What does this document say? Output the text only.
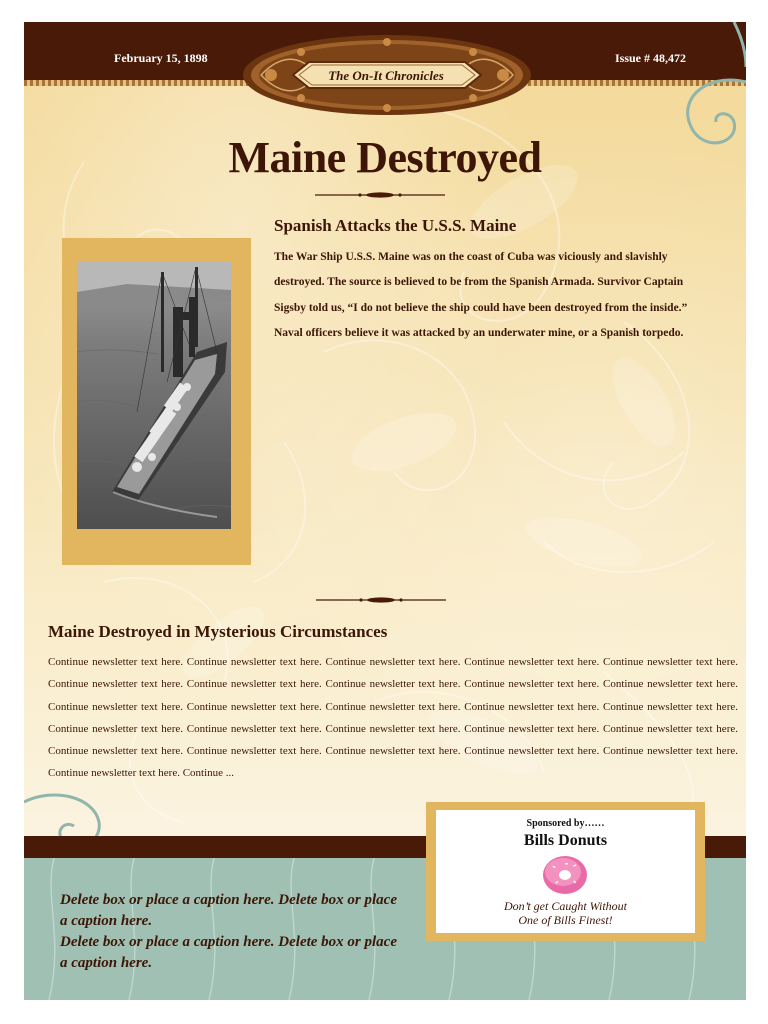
February 15, 1898	Issue # 48,472
The On-It Chronicles
Maine Destroyed
Spanish Attacks the U.S.S. Maine

The War Ship U.S.S. Maine was on the coast of Cuba was viciously and slavishly destroyed. The source is believed to be from the Spanish Armada. Survivor Captain Sigsby told us, “I do not believe the ship could have been destroyed from the inside.” Naval officers believe it was attacked by an underwater mine, or a Spanish torpedo.

Maine Destroyed in Mysterious Circumstances

Continue newsletter text here. Continue newsletter text here. Continue newsletter text here. Continue newsletter text here. Continue newsletter text here. Continue newsletter text here. Continue newsletter text here. Continue newsletter text here. Continue newsletter text here. Continue newsletter text here. Continue newsletter text here. Continue newsletter text here. Continue newsletter text here. Continue newsletter text here. Continue newsletter text here. Continue newsletter text here. Continue newsletter text here. Continue newsletter text here. Continue newsletter text here. Continue newsletter text here. Continue newsletter text here. Continue newsletter text here. Continue newsletter text here. Continue newsletter text here. Continue newsletter text here. Continue newsletter text here. Continue ...

Delete box or place a caption here. Delete box or place a caption here.
Delete box or place a caption here. Delete box or place a caption here.

Sponsored by……
Bills Donuts
Don’t get Caught Without
One of Bills Finest!
